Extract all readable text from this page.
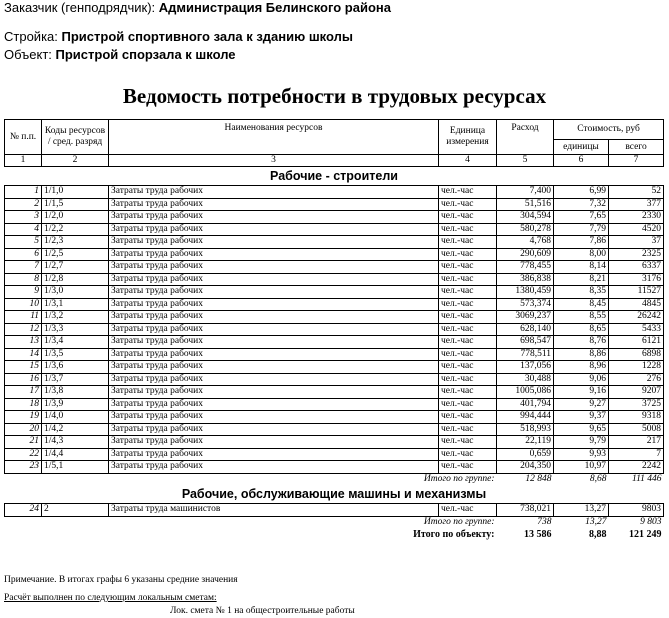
Заказчик (генподрядчик): Администрация Белинского района
Стройка: Пристрой спортивного зала к зданию школы
Объект: Пристрой спорзала к школе
Ведомость потребности в трудовых ресурсах
№ п.п.	Коды ресурсов / сред. разряд	Наименования ресурсов	Единица измерения	Расход	Стоимость, руб	
					единицы	всего
1	2	3	4	5	6	7
Рабочие - строители						
1	1/1,0	Затраты труда рабочих	чел.-час	7,400	6,99	52
2	1/1,5	Затраты труда рабочих	чел.-час	51,516	7,32	377
3	1/2,0	Затраты труда рабочих	чел.-час	304,594	7,65	2330
4	1/2,2	Затраты труда рабочих	чел.-час	580,278	7,79	4520
5	1/2,3	Затраты труда рабочих	чел.-час	4,768	7,86	37
6	1/2,5	Затраты труда рабочих	чел.-час	290,609	8,00	2325
7	1/2,7	Затраты труда рабочих	чел.-час	778,455	8,14	6337
8	1/2,8	Затраты труда рабочих	чел.-час	386,838	8,21	3176
9	1/3,0	Затраты труда рабочих	чел.-час	1380,459	8,35	11527
10	1/3,1	Затраты труда рабочих	чел.-час	573,374	8,45	4845
11	1/3,2	Затраты труда рабочих	чел.-час	3069,237	8,55	26242
12	1/3,3	Затраты труда рабочих	чел.-час	628,140	8,65	5433
13	1/3,4	Затраты труда рабочих	чел.-час	698,547	8,76	6121
14	1/3,5	Затраты труда рабочих	чел.-час	778,511	8,86	6898
15	1/3,6	Затраты труда рабочих	чел.-час	137,056	8,96	1228
16	1/3,7	Затраты труда рабочих	чел.-час	30,488	9,06	276
17	1/3,8	Затраты труда рабочих	чел.-час	1005,086	9,16	9207
18	1/3,9	Затраты труда рабочих	чел.-час	401,794	9,27	3725
19	1/4,0	Затраты труда рабочих	чел.-час	994,444	9,37	9318
20	1/4,2	Затраты труда рабочих	чел.-час	518,993	9,65	5008
21	1/4,3	Затраты труда рабочих	чел.-час	22,119	9,79	217
22	1/4,4	Затраты труда рабочих	чел.-час	0,659	9,93	7
23	1/5,1	Затраты труда рабочих	чел.-час	204,350	10,97	2242
Итого по группе:				12 848	8,68	111 446
Рабочие, обслуживающие машины и механизмы						
24	2	Затраты труда машинистов	чел.-час	738,021	13,27	9803
Итого по группе:				738	13,27	9 803
Итого по объекту:				13 586	8,88	121 249
Примечание. В итогах графы 6 указаны средние значения
Расчёт выполнен по следующим локальным сметам:
Лок. смета № 1 на общестроительные работы
